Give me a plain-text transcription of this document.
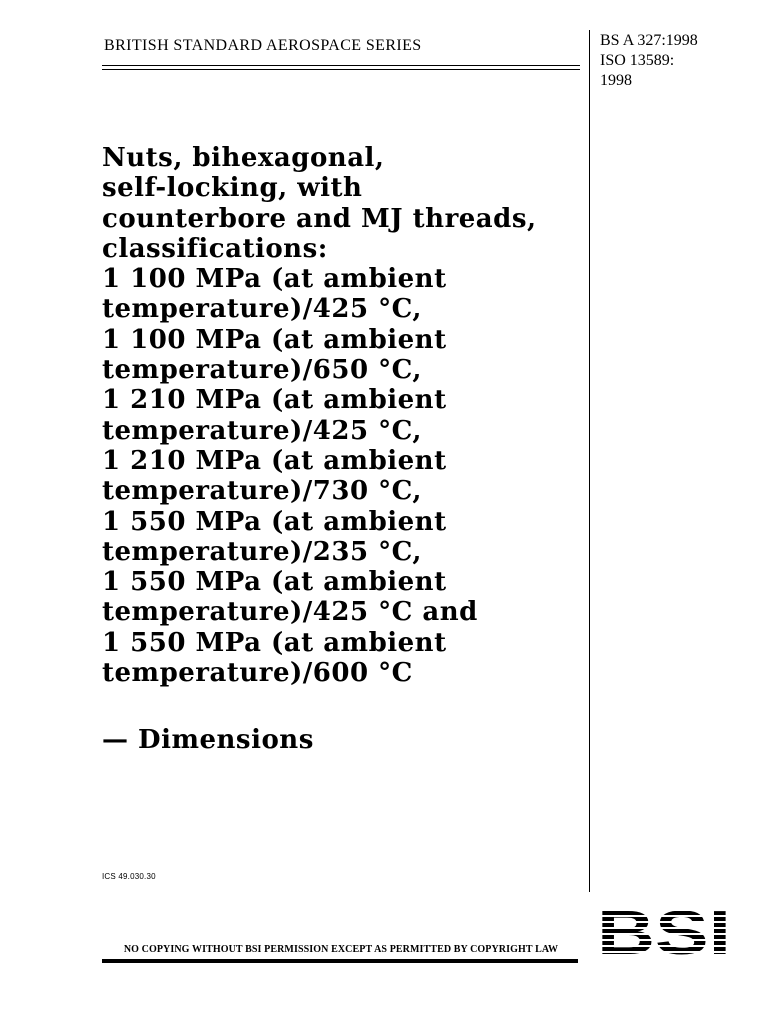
BRITISH STANDARD AEROSPACE SERIES	BS A 327:1998
ISO 13589:
1998
Nuts, bihexagonal,
self-locking, with
counterbore and MJ threads,
classifications:
1 100 MPa (at ambient
temperature)/425 °C,
1 100 MPa (at ambient
temperature)/650 °C,
1 210 MPa (at ambient
temperature)/425 °C,
1 210 MPa (at ambient
temperature)/730 °C,
1 550 MPa (at ambient
temperature)/235 °C,
1 550 MPa (at ambient
temperature)/425 °C and
1 550 MPa (at ambient
temperature)/600 °C
— Dimensions
ICS 49.030.30
NO COPYING WITHOUT BSI PERMISSION EXCEPT AS PERMITTED BY COPYRIGHT LAW
